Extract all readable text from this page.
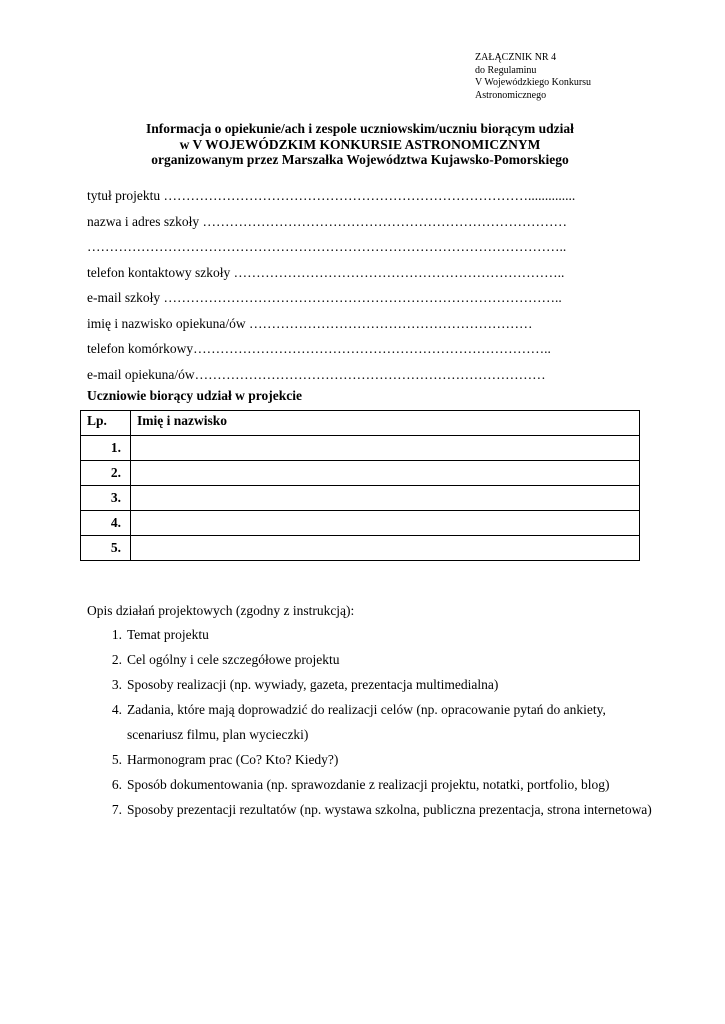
ZAŁĄCZNIK NR 4
do Regulaminu
V Wojewódzkiego Konkursu
Astronomicznego
Informacja o opiekunie/ach i zespole uczniowskim/uczniu biorącym udział
w V WOJEWÓDZKIM KONKURSIE ASTRONOMICZNYM
organizowanym przez Marszałka Województwa Kujawsko-Pomorskiego
tytuł projektu ………………………………………………………………………..............
nazwa i adres szkoły ………………………………………………………………………
……………………………………………………………………………………………..
telefon kontaktowy szkoły ………………………………………………………………..
e-mail szkoły ……………………………………………………………………………..
imię i nazwisko opiekuna/ów ………………………………………………………
telefon komórkowy……………………………………………………………………..
e-mail opiekuna/ów……………………………………………………………………
Uczniowie biorący udział w projekcie
Lp.	Imię i nazwisko
1.	
2.	
3.	
4.	
5.	
Opis działań projektowych (zgodny z instrukcją):
1. Temat projektu
2. Cel ogólny i cele szczegółowe projektu
3. Sposoby realizacji (np. wywiady, gazeta, prezentacja multimedialna)
4. Zadania, które mają doprowadzić do realizacji celów (np. opracowanie pytań do ankiety, scenariusz filmu, plan wycieczki)
5. Harmonogram prac (Co? Kto? Kiedy?)
6. Sposób dokumentowania (np. sprawozdanie z realizacji projektu, notatki, portfolio, blog)
7. Sposoby prezentacji rezultatów (np. wystawa szkolna, publiczna prezentacja, strona internetowa)
